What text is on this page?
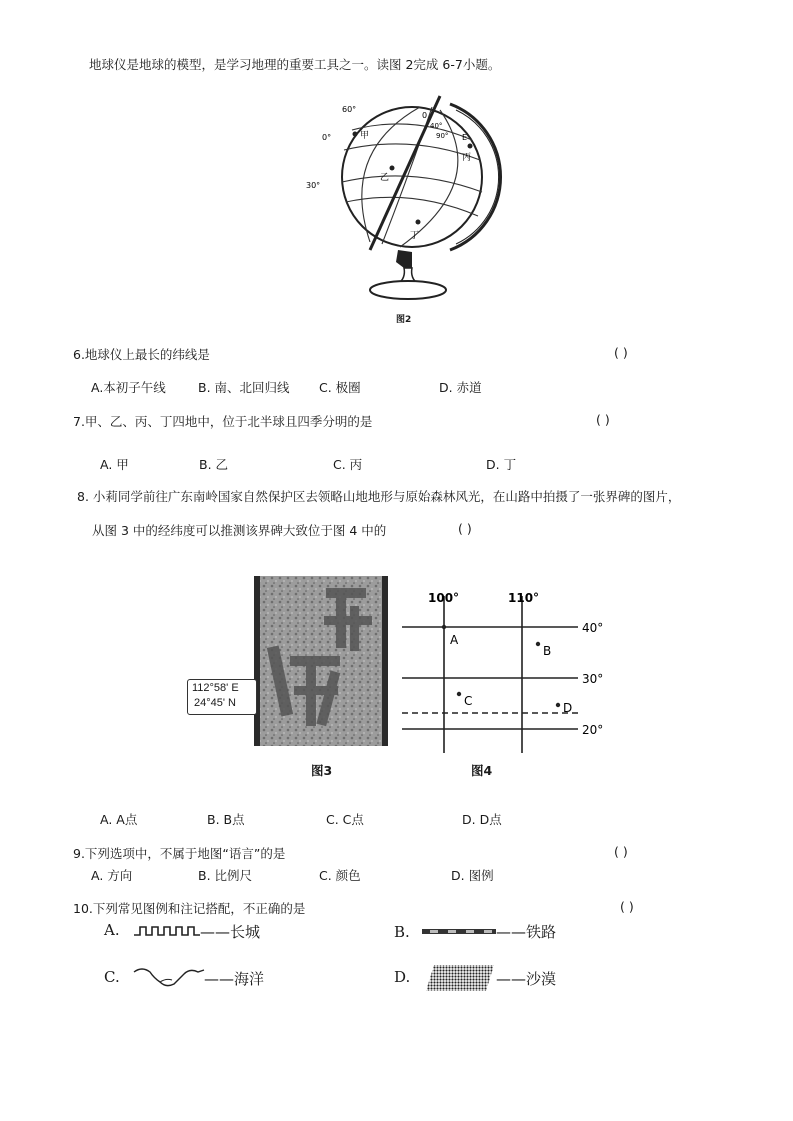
地球仪是地球的模型，是学习地理的重要工具之一。读图 2完成 6-7小题。
60°
0°
30°
0
40°
90°
甲
乙
丙
丁
E
图2
6.地球仪上最长的纬线是	( )
A.本初子午线	B. 南、北回归线 C. 极圈	D. 赤道
7.甲、乙、丙、丁四地中，位于北半球且四季分明的是	( )
A. 甲	B. 乙	C. 丙	D. 丁
8. 小莉同学前往广东南岭国家自然保护区去领略山地地形与原始森林风光，在山路中拍摄了一张界碑的图片，
从图 3 中的经纬度可以推测该界碑大致位于图 4 中的	( )
112°58' E
24°45' N
图3
100°	110°
40°
30°
20°
A
B
C	D
图4
A. A点	B. B点	C. C点	D. D点
9.下列选项中，不属于地图“语言”的是	( )
A. 方向	B. 比例尺	C. 颜色	D. 图例
10.下列常见图例和注记搭配，不正确的是	( )
A.	——长城	B.	——铁路
C.	——海洋	D.	——沙漠
